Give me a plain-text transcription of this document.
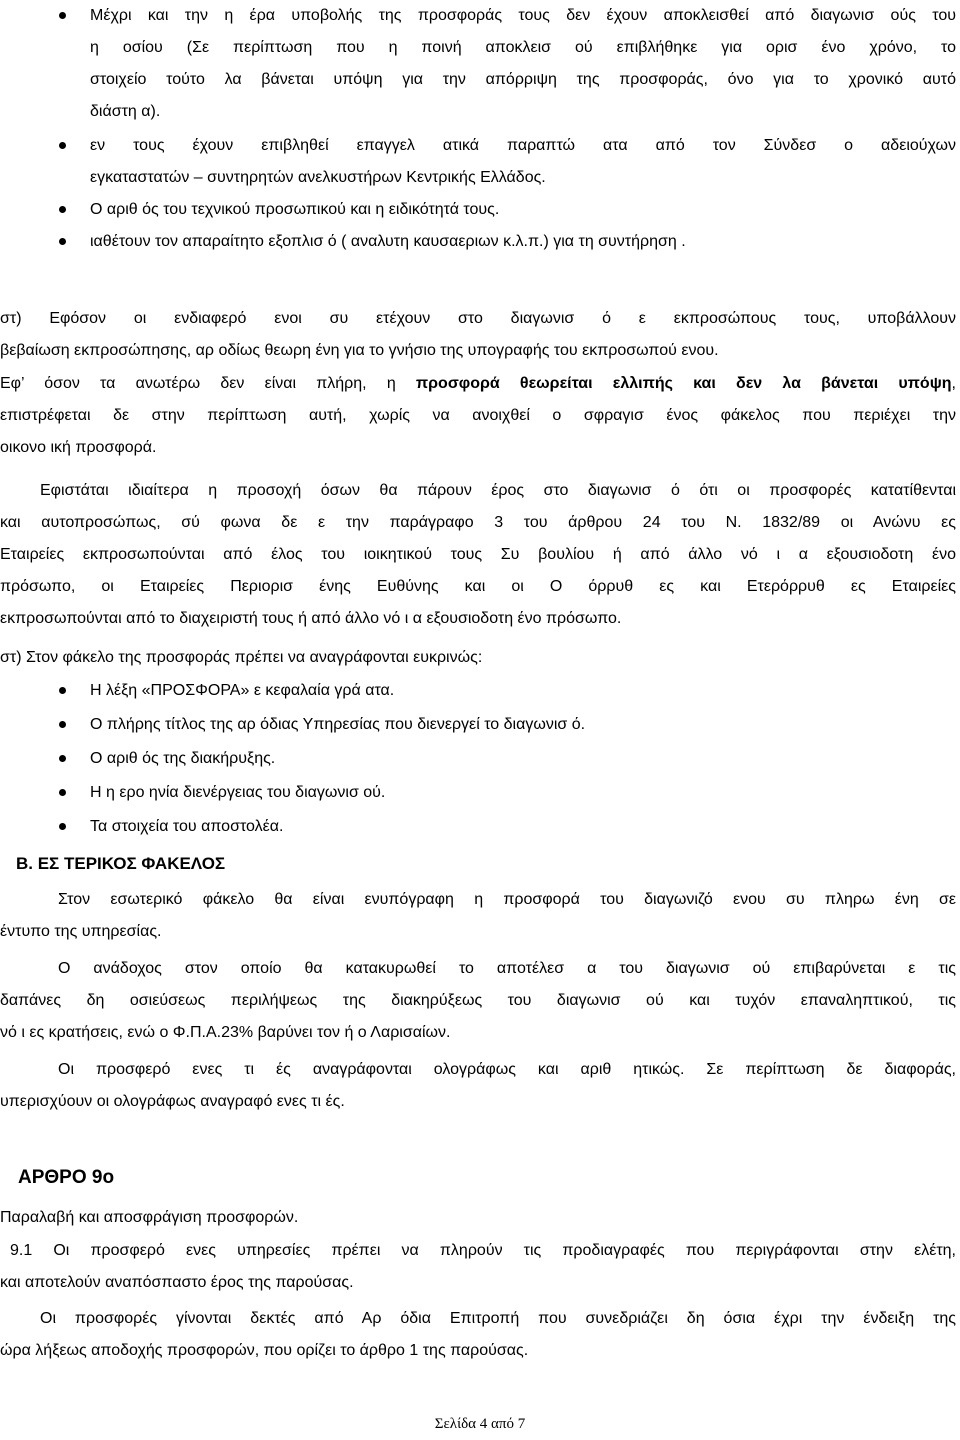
Μέχρι και την η έρα υποβολής της προσφοράς τους δεν έχουν αποκλεισθεί από διαγωνισ ούς του
η οσίου (Σε περίπτωση που η ποινή αποκλεισ ού επιβλήθηκε για ορισ ένο χρόνο, το
στοιχείο τούτο λα βάνεται υπόψη για την απόρριψη της προσφοράς, όνο για το χρονικό αυτό
διάστη α).
εν τους έχουν επιβληθεί επαγγελ ατικά παραπτώ ατα από τον Σύνδεσ ο αδειούχων
εγκαταστατών – συντηρητών ανελκυστήρων Κεντρικής Ελλάδος.
Ο αριθ ός του τεχνικού προσωπικού και η ειδικότητά τους.
ιαθέτουν τον απαραίτητο εξοπλισ ό ( αναλυτη καυσαεριων κ.λ.π.) για τη συντήρηση .
στ) Εφόσον οι ενδιαφερό ενοι συ ετέχουν στο διαγωνισ ό ε εκπροσώπους τους, υποβάλλουν
βεβαίωση εκπροσώπησης, αρ οδίως θεωρη ένη για το γνήσιο της υπογραφής του εκπροσωπού ενου.
Εφ’ όσον τα ανωτέρω δεν είναι πλήρη, η προσφορά θεωρείται ελλιπής και δεν λα βάνεται υπόψη,
επιστρέφεται δε στην περίπτωση αυτή, χωρίς να ανοιχθεί ο σφραγισ ένος φάκελος που περιέχει την
οικονο ική προσφορά.
Εφιστάται ιδιαίτερα η προσοχή όσων θα πάρουν έρος στο διαγωνισ ό ότι οι προσφορές κατατίθενται
και αυτοπροσώπως, σύ φωνα δε ε την παράγραφο 3 του άρθρου 24 του Ν. 1832/89 οι Ανώνυ ες
Εταιρείες εκπροσωπούνται από έλος του ιοικητικού τους Συ βουλίου ή από άλλο νό ι α εξουσιοδοτη ένο
πρόσωπο, οι Εταιρείες Περιορισ ένης Ευθύνης και οι Ο όρρυθ ες και Ετερόρρυθ ες Εταιρείες
εκπροσωπούνται από το διαχειριστή τους ή από άλλο νό ι α εξουσιοδοτη ένο πρόσωπο.
στ) Στον φάκελο της προσφοράς πρέπει να αναγράφονται ευκρινώς:
Η λέξη «ΠΡΟΣΦΟΡΑ» ε κεφαλαία γρά ατα.
Ο πλήρης τίτλος της αρ όδιας Υπηρεσίας που διενεργεί το διαγωνισ ό.
Ο αριθ ός της διακήρυξης.
Η η ερο ηνία διενέργειας του διαγωνισ ού.
Τα στοιχεία του αποστολέα.
Β. ΕΣ ΤΕΡΙΚΟΣ ΦΑΚΕΛΟΣ
Στον εσωτερικό φάκελο θα είναι ενυπόγραφη η προσφορά του διαγωνιζό ενου συ πληρω ένη σε
έντυπο της υπηρεσίας.
Ο ανάδοχος στον οποίο θα κατακυρωθεί το αποτέλεσ α του διαγωνισ ού επιβαρύνεται ε τις
δαπάνες δη οσιεύσεως περιλήψεως της διακηρύξεως του διαγωνισ ού και τυχόν επαναληπτικού, τις
νό ι ες κρατήσεις, ενώ ο Φ.Π.Α.23% βαρύνει τον ή ο Λαρισαίων.
Οι προσφερό ενες τι ές αναγράφονται ολογράφως και αριθ ητικώς. Σε περίπτωση δε διαφοράς,
υπερισχύουν οι ολογράφως αναγραφό ενες τι ές.
ΑΡΘΡΟ 9ο
Παραλαβή και αποσφράγιση προσφορών.
9.1 Οι προσφερό ενες υπηρεσίες πρέπει να πληρούν τις προδιαγραφές που περιγράφονται στην ελέτη,
και αποτελούν αναπόσπαστο έρος της παρούσας.
Οι προσφορές γίνονται δεκτές από Αρ όδια Επιτροπή που συνεδριάζει δη όσια έχρι την ένδειξη της
ώρα λήξεως αποδοχής προσφορών, που ορίζει το άρθρο 1 της παρούσας.
Σελίδα 4 από 7
